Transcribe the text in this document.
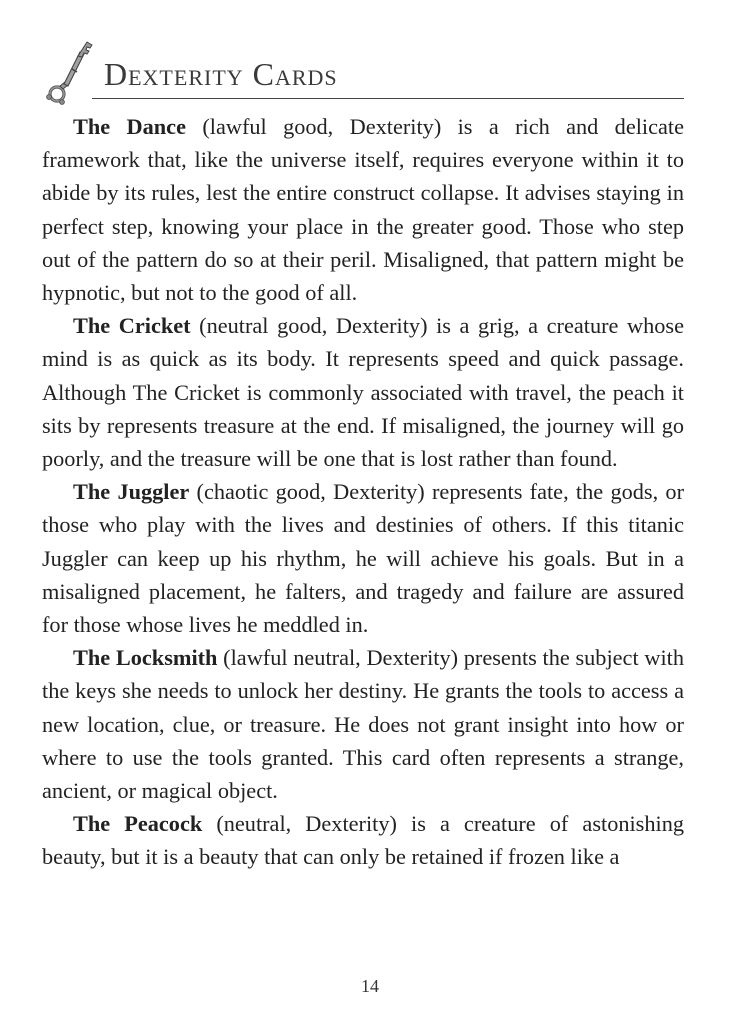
Dexterity Cards

The Dance (lawful good, Dexterity) is a rich and delicate framework that, like the universe itself, requires everyone within it to abide by its rules, lest the entire construct collapse. It advises staying in perfect step, knowing your place in the greater good. Those who step out of the pattern do so at their peril. Misaligned, that pattern might be hypnotic, but not to the good of all.

The Cricket (neutral good, Dexterity) is a grig, a creature whose mind is as quick as its body. It represents speed and quick passage. Although The Cricket is commonly associated with travel, the peach it sits by represents treasure at the end. If misaligned, the journey will go poorly, and the treasure will be one that is lost rather than found.

The Juggler (chaotic good, Dexterity) represents fate, the gods, or those who play with the lives and destinies of others. If this titanic Juggler can keep up his rhythm, he will achieve his goals. But in a misaligned placement, he falters, and tragedy and failure are assured for those whose lives he meddled in.

The Locksmith (lawful neutral, Dexterity) presents the subject with the keys she needs to unlock her destiny. He grants the tools to access a new location, clue, or treasure. He does not grant insight into how or where to use the tools granted. This card often represents a strange, ancient, or magical object.

The Peacock (neutral, Dexterity) is a creature of astonishing beauty, but it is a beauty that can only be retained if frozen like a

14
